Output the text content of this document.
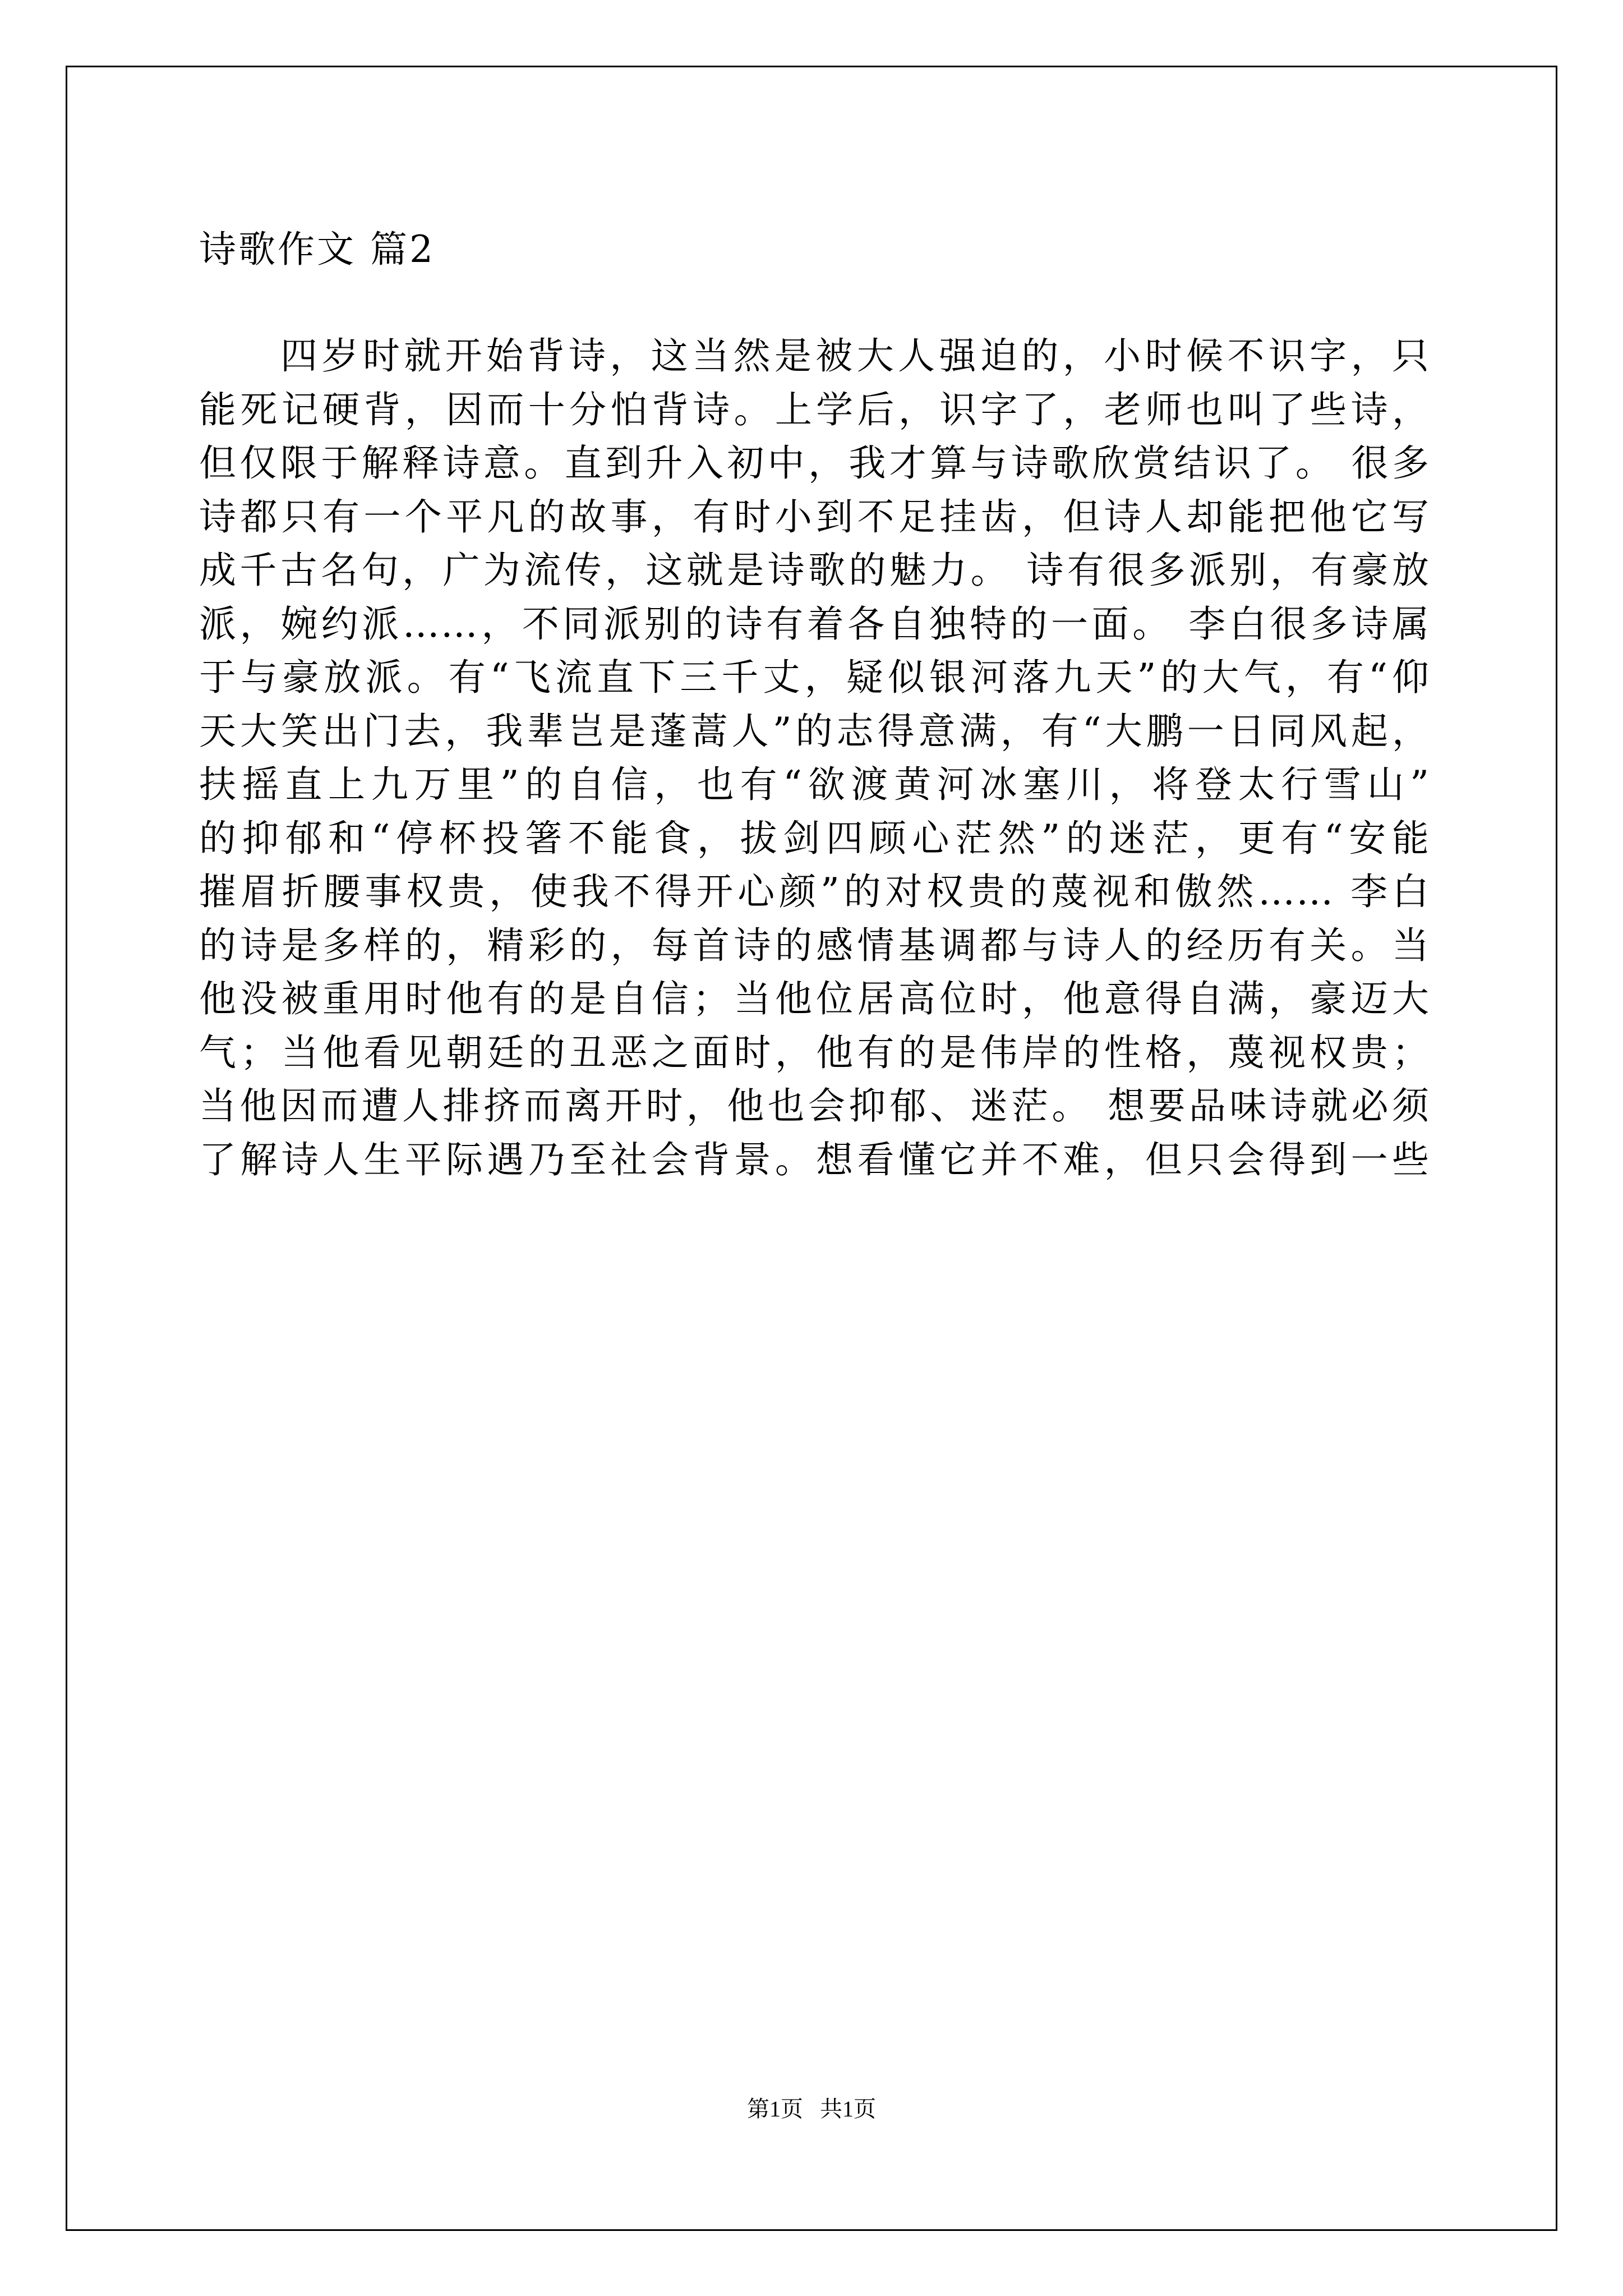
诗歌作文 篇2
四岁时就开始背诗，这当然是被大人强迫的，小时候不识字，只
能死记硬背，因而十分怕背诗。上学后，识字了，老师也叫了些诗，
但仅限于解释诗意。直到升入初中，我才算与诗歌欣赏结识了。 很多
诗都只有一个平凡的故事，有时小到不足挂齿，但诗人却能把他它写
成千古名句，广为流传，这就是诗歌的魅力。 诗有很多派别，有豪放
派，婉约派……，不同派别的诗有着各自独特的一面。 李白很多诗属
于与豪放派。有“飞流直下三千丈，疑似银河落九天”的大气，有“仰
天大笑出门去，我辈岂是蓬蒿人”的志得意满，有“大鹏一日同风起，
扶摇直上九万里”的自信，也有“欲渡黄河冰塞川，将登太行雪山”
的抑郁和“停杯投箸不能食，拔剑四顾心茫然”的迷茫，更有“安能
摧眉折腰事权贵，使我不得开心颜”的对权贵的蔑视和傲然…… 李白
的诗是多样的，精彩的，每首诗的感情基调都与诗人的经历有关。当
他没被重用时他有的是自信；当他位居高位时，他意得自满，豪迈大
气；当他看见朝廷的丑恶之面时，他有的是伟岸的性格，蔑视权贵；
当他因而遭人排挤而离开时，他也会抑郁、迷茫。 想要品味诗就必须
了解诗人生平际遇乃至社会背景。想看懂它并不难，但只会得到一些
第1页   共1页
